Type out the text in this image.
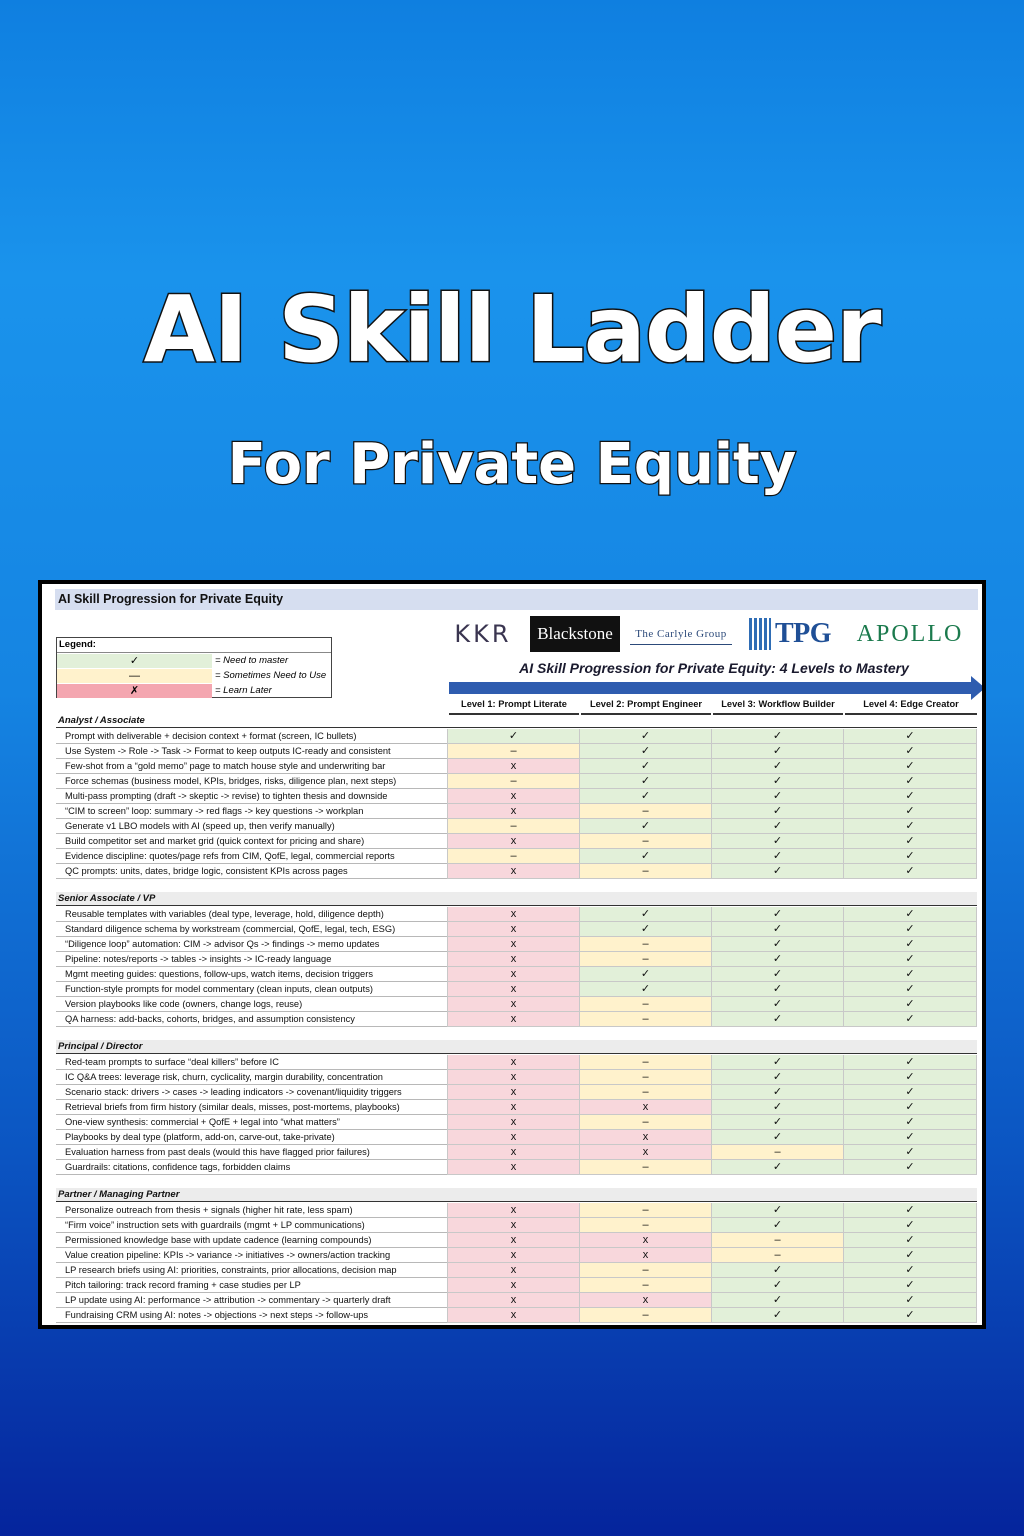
AI Skill Ladder
For Private Equity
AI Skill Progression for Private Equity
Legend:
✓	= Need to master
—	= Sometimes Need to Use
✗	= Learn Later
KKR	Blackstone	The Carlyle Group TPG	APOLLO
AI Skill Progression for Private Equity: 4 Levels to Mastery
Level 1: Prompt Literate	Level 2: Prompt Engineer	Level 3: Workflow Builder	Level 4: Edge Creator
Analyst / Associate
Prompt with deliverable + decision context + format (screen, IC bullets)	✓	✓	✓	✓
Use System -> Role -> Task -> Format to keep outputs IC-ready and consistent	–	✓	✓	✓
Few-shot from a “gold memo” page to match house style and underwriting bar	x	✓	✓	✓
Force schemas (business model, KPIs, bridges, risks, diligence plan, next steps)	–	✓	✓	✓
Multi-pass prompting (draft -> skeptic -> revise) to tighten thesis and downside	x	✓	✓	✓
“CIM to screen” loop: summary -> red flags -> key questions -> workplan	x	–	✓	✓
Generate v1 LBO models with AI (speed up, then verify manually)	–	✓	✓	✓
Build competitor set and market grid (quick context for pricing and share)	x	–	✓	✓
Evidence discipline: quotes/page refs from CIM, QofE, legal, commercial reports	–	✓	✓	✓
QC prompts: units, dates, bridge logic, consistent KPIs across pages	x	–	✓	✓
Senior Associate / VP
Reusable templates with variables (deal type, leverage, hold, diligence depth)	x	✓	✓	✓
Standard diligence schema by workstream (commercial, QofE, legal, tech, ESG)	x	✓	✓	✓
“Diligence loop” automation: CIM -> advisor Qs -> findings -> memo updates	x	–	✓	✓
Pipeline: notes/reports -> tables -> insights -> IC-ready language	x	–	✓	✓
Mgmt meeting guides: questions, follow-ups, watch items, decision triggers	x	✓	✓	✓
Function-style prompts for model commentary (clean inputs, clean outputs)	x	✓	✓	✓
Version playbooks like code (owners, change logs, reuse)	x	–	✓	✓
QA harness: add-backs, cohorts, bridges, and assumption consistency	x	–	✓	✓
Principal / Director
Red-team prompts to surface “deal killers” before IC	x	–	✓	✓
IC Q&A trees: leverage risk, churn, cyclicality, margin durability, concentration	x	–	✓	✓
Scenario stack: drivers -> cases -> leading indicators -> covenant/liquidity triggers	x	–	✓	✓
Retrieval briefs from firm history (similar deals, misses, post-mortems, playbooks)	x	x	✓	✓
One-view synthesis: commercial + QofE + legal into “what matters”	x	–	✓	✓
Playbooks by deal type (platform, add-on, carve-out, take-private)	x	x	✓	✓
Evaluation harness from past deals (would this have flagged prior failures)	x	x	–	✓
Guardrails: citations, confidence tags, forbidden claims	x	–	✓	✓
Partner / Managing Partner
Personalize outreach from thesis + signals (higher hit rate, less spam)	x	–	✓	✓
“Firm voice” instruction sets with guardrails (mgmt + LP communications)	x	–	✓	✓
Permissioned knowledge base with update cadence (learning compounds)	x	x	–	✓
Value creation pipeline: KPIs -> variance -> initiatives -> owners/action tracking	x	x	–	✓
LP research briefs using AI: priorities, constraints, prior allocations, decision map	x	–	✓	✓
Pitch tailoring: track record framing + case studies per LP	x	–	✓	✓
LP update using AI: performance -> attribution -> commentary -> quarterly draft	x	x	✓	✓
Fundraising CRM using AI: notes -> objections -> next steps -> follow-ups	x	–	✓	✓
